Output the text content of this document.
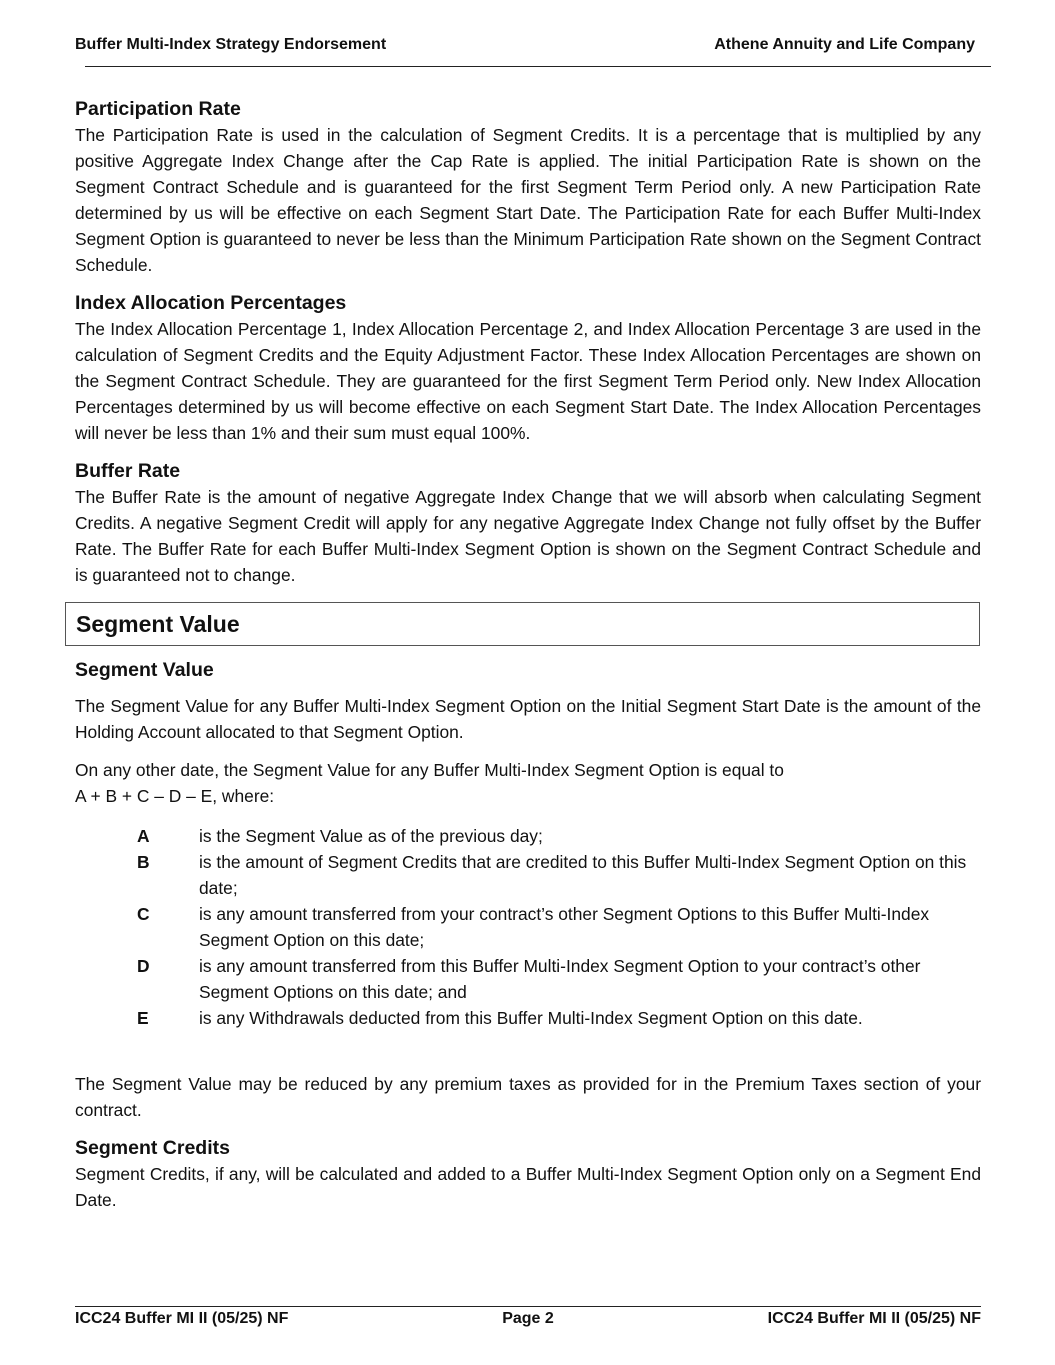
Buffer Multi-Index Strategy Endorsement	Athene Annuity and Life Company
Participation Rate

The Participation Rate is used in the calculation of Segment Credits. It is a percentage that is multiplied by any positive Aggregate Index Change after the Cap Rate is applied. The initial Participation Rate is shown on the Segment Contract Schedule and is guaranteed for the first Segment Term Period only. A new Participation Rate determined by us will be effective on each Segment Start Date. The Participation Rate for each Buffer Multi-Index Segment Option is guaranteed to never be less than the Minimum Participation Rate shown on the Segment Contract Schedule.

Index Allocation Percentages

The Index Allocation Percentage 1, Index Allocation Percentage 2, and Index Allocation Percentage 3 are used in the calculation of Segment Credits and the Equity Adjustment Factor. These Index Allocation Percentages are shown on the Segment Contract Schedule. They are guaranteed for the first Segment Term Period only. New Index Allocation Percentages determined by us will become effective on each Segment Start Date. The Index Allocation Percentages will never be less than 1% and their sum must equal 100%.

Buffer Rate

The Buffer Rate is the amount of negative Aggregate Index Change that we will absorb when calculating Segment Credits. A negative Segment Credit will apply for any negative Aggregate Index Change not fully offset by the Buffer Rate. The Buffer Rate for each Buffer Multi-Index Segment Option is shown on the Segment Contract Schedule and is guaranteed not to change.

Segment Value
Segment Value

The Segment Value for any Buffer Multi-Index Segment Option on the Initial Segment Start Date is the amount of the Holding Account allocated to that Segment Option.

On any other date, the Segment Value for any Buffer Multi-Index Segment Option is equal to

A + B + C – D – E, where:

A	is the Segment Value as of the previous day;
B	is the amount of Segment Credits that are credited to this Buffer Multi-Index Segment Option on this date;
C	is any amount transferred from your contract’s other Segment Options to this Buffer Multi-Index Segment Option on this date;
D	is any amount transferred from this Buffer Multi-Index Segment Option to your contract’s other Segment Options on this date; and
E	is any Withdrawals deducted from this Buffer Multi-Index Segment Option on this date.

The Segment Value may be reduced by any premium taxes as provided for in the Premium Taxes section of your contract.

Segment Credits

Segment Credits, if any, will be calculated and added to a Buffer Multi-Index Segment Option only on a Segment End Date.

ICC24 Buffer MI II (05/25) NF	Page 2	ICC24 Buffer MI II (05/25) NF
